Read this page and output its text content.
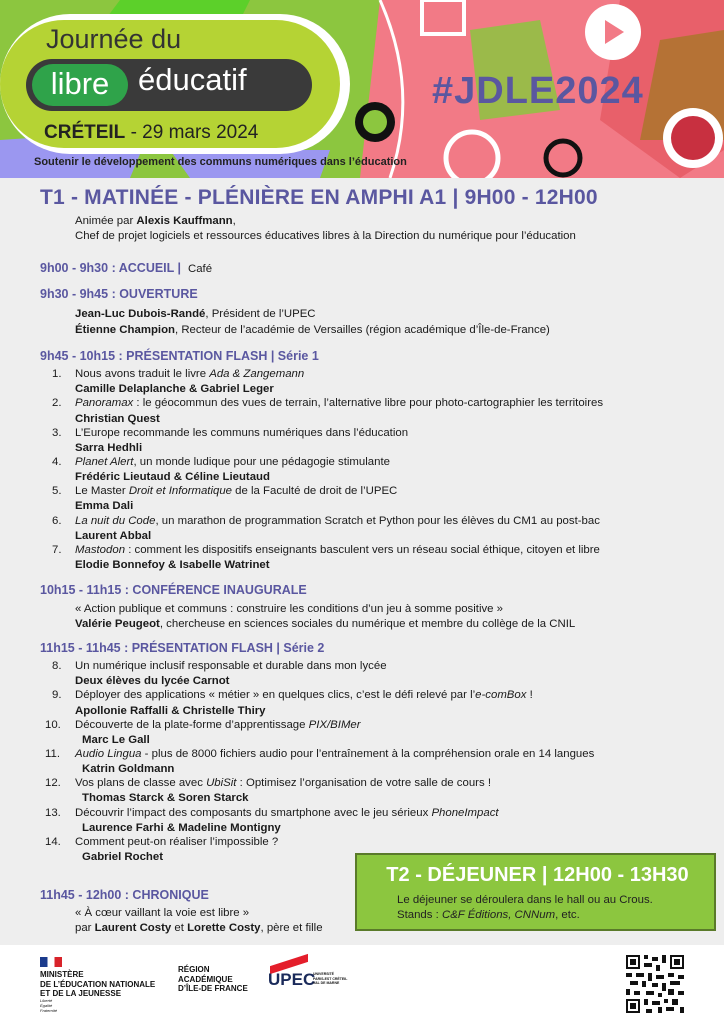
Journée du
libre éducatif
CRÉTEIL - 29 mars 2024
#JDLE2024
Soutenir le développement des communs numériques dans l’éducation
T1 - MATINÉE - PLÉNIÈRE EN AMPHI A1 | 9H00 - 12H00
Animée par Alexis Kauffmann,
Chef de projet logiciels et ressources éducatives libres à la Direction du numérique pour l’éducation
9h00 - 9h30 : ACCUEIL | Café
9h30 - 9h45 : OUVERTURE
Jean-Luc Dubois-Randé, Président de l’UPEC
Étienne Champion, Recteur de l’académie de Versailles (région académique d’Île-de-France)
9h45 - 10h15 : PRÉSENTATION FLASH | Série 1
1. Nous avons traduit le livre Ada & Zangemann
Camille Delaplanche & Gabriel Leger
2. Panoramax : le géocommun des vues de terrain, l’alternative libre pour photo-cartographier les territoires
Christian Quest
3. L’Europe recommande les communs numériques dans l’éducation
Sarra Hedhli
4. Planet Alert, un monde ludique pour une pédagogie stimulante
Frédéric Lieutaud & Céline Lieutaud
5. Le Master Droit et Informatique de la Faculté de droit de l’UPEC
Emma Dali
6. La nuit du Code, un marathon de programmation Scratch et Python pour les élèves du CM1 au post-bac
Laurent Abbal
7. Mastodon : comment les dispositifs enseignants basculent vers un réseau social éthique, citoyen et libre
Elodie Bonnefoy & Isabelle Watrinet
10h15 - 11h15 : CONFÉRENCE INAUGURALE
« Action publique et communs : construire les conditions d’un jeu à somme positive »
Valérie Peugeot, chercheuse en sciences sociales du numérique et membre du collège de la CNIL
11h15 - 11h45 : PRÉSENTATION FLASH | Série 2
8. Un numérique inclusif responsable et durable dans mon lycée
Deux élèves du lycée Carnot
9. Déployer des applications « métier » en quelques clics, c’est le défi relevé par l’e-comBox !
Apollonie Raffalli & Christelle Thiry
10. Découverte de la plate-forme d’apprentissage PIX/BIMer
Marc Le Gall
11. Audio Lingua - plus de 8000 fichiers audio pour l’entraînement à la compréhension orale en 14 langues
Katrin Goldmann
12. Vos plans de classe avec UbiSit : Optimisez l’organisation de votre salle de cours !
Thomas Starck & Soren Starck
13. Découvrir l’impact des composants du smartphone avec le jeu sérieux PhoneImpact
Laurence Farhi & Madeline Montigny
14. Comment peut-on réaliser l’impossible ?
Gabriel Rochet
11h45 - 12h00 : CHRONIQUE
« À cœur vaillant la voie est libre »
par Laurent Costy et Lorette Costy, père et fille
T2 - DÉJEUNER | 12H00 - 13H30
Le déjeuner se déroulera dans le hall ou au Crous.
Stands : C&F Éditions, CNNum, etc.
MINISTÈRE
DE L’ÉDUCATION NATIONALE
ET DE LA JEUNESSE
Liberté
Égalité
Fraternité
RÉGION
ACADÉMIQUE
D’ÎLE-DE FRANCE UPEC
UNIVERSITÉ
PARIS-EST CRÉTEIL
VAL DE MARNE
